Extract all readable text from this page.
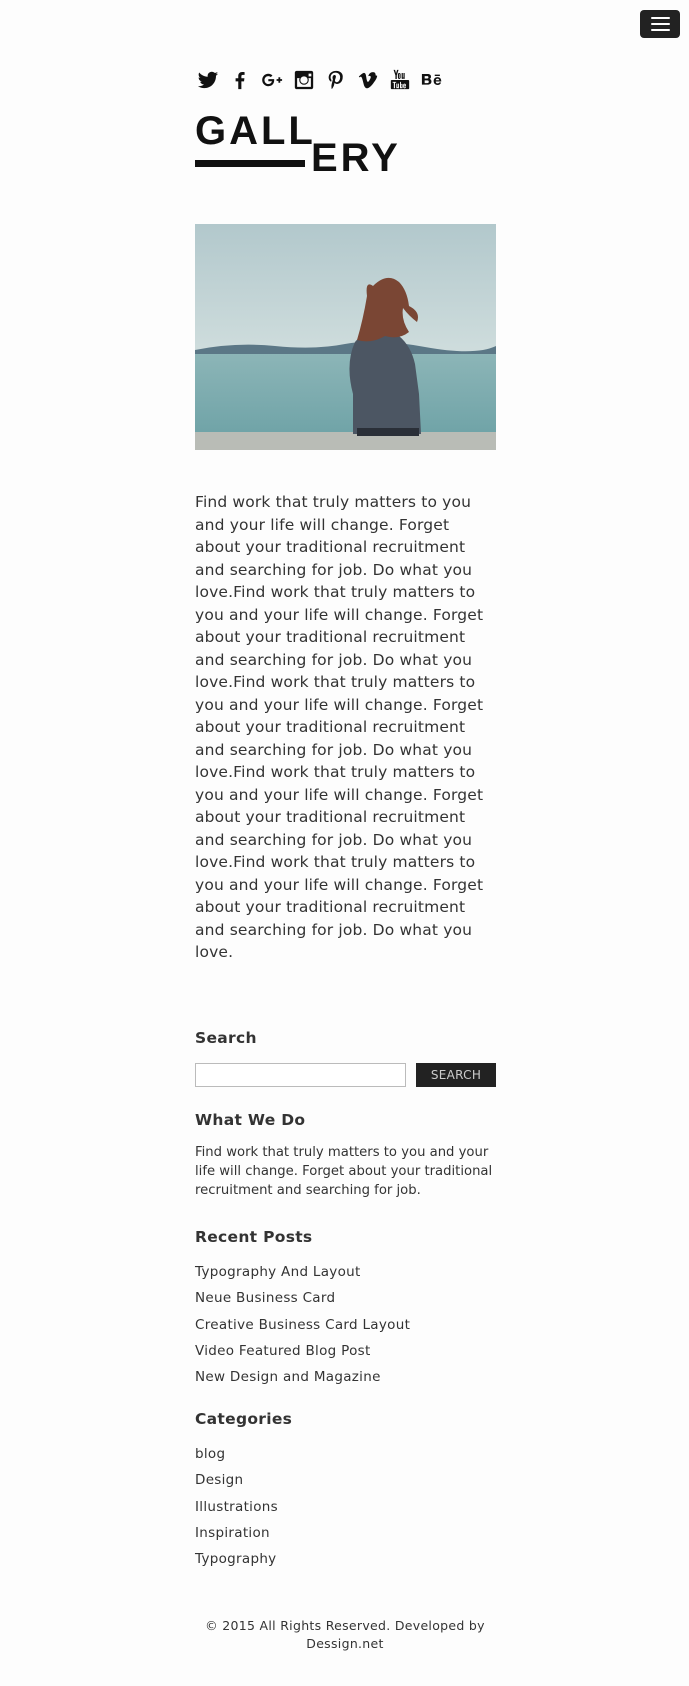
GALL
ERY
Find work that truly matters to you and your life will change. Forget about your traditional recruitment and searching for job. Do what you love.Find work that truly matters to you and your life will change. Forget about your traditional recruitment and searching for job. Do what you love.Find work that truly matters to you and your life will change. Forget about your traditional recruitment and searching for job. Do what you love.Find work that truly matters to you and your life will change. Forget about your traditional recruitment and searching for job. Do what you love.Find work that truly matters to you and your life will change. Forget about your traditional recruitment and searching for job. Do what you love.
Search
SEARCH
What We Do
Find work that truly matters to you and your life will change. Forget about your traditional recruitment and searching for job.
Recent Posts
Typography And Layout
Neue Business Card
Creative Business Card Layout
Video Featured Blog Post
New Design and Magazine
Categories
blog
Design
Illustrations
Inspiration
Typography
© 2015 All Rights Reserved. Developed by
Dessign.net
